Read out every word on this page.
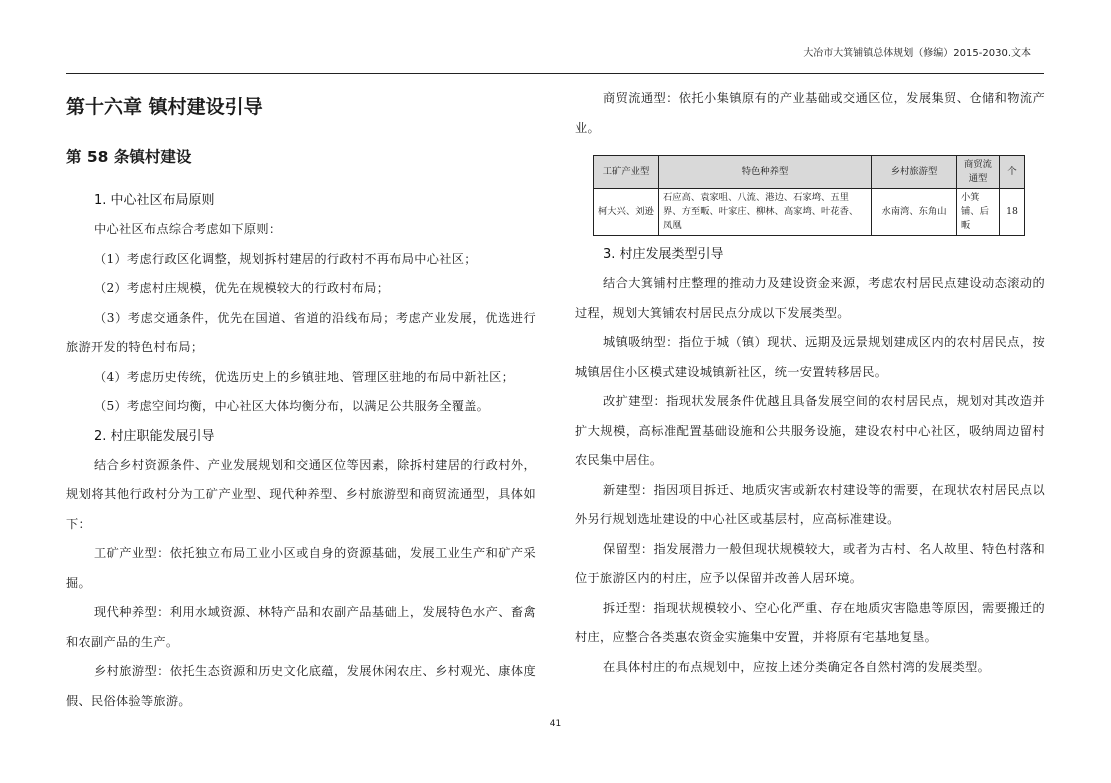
大冶市大箕铺镇总体规划（修编）2015-2030.文本
第十六章 镇村建设引导
第 58 条镇村建设
1. 中心社区布局原则

中心社区布点综合考虑如下原则：

（1）考虑行政区化调整，规划拆村建居的行政村不再布局中心社区；

（2）考虑村庄规模，优先在规模较大的行政村布局；

（3）考虑交通条件，优先在国道、省道的沿线布局；考虑产业发展，优选进行旅游开发的特色村布局；

（4）考虑历史传统，优选历史上的乡镇驻地、管理区驻地的布局中新社区；

（5）考虑空间均衡，中心社区大体均衡分布，以满足公共服务全覆盖。

2. 村庄职能发展引导

结合乡村资源条件、产业发展规划和交通区位等因素，除拆村建居的行政村外，规划将其他行政村分为工矿产业型、现代种养型、乡村旅游型和商贸流通型，具体如下：

工矿产业型：依托独立布局工业小区或自身的资源基础，发展工业生产和矿产采掘。

现代种养型：利用水域资源、林特产品和农副产品基础上，发展特色水产、畜禽和农副产品的生产。

乡村旅游型：依托生态资源和历史文化底蕴，发展休闲农庄、乡村观光、康体度假、民俗体验等旅游。

商贸流通型：依托小集镇原有的产业基础或交通区位，发展集贸、仓储和物流产业。

工矿产业型	特色种养型	乡村旅游型	商贸流通型	个
柯大兴、刘逊	石应高、袁家咀、八流、港边、石家塆、五里界、方至畈、叶家庄、柳林、高家塆、叶花香、凤凰	水南湾、东角山	小箕铺、后畈	18
3. 村庄发展类型引导

结合大箕铺村庄整理的推动力及建设资金来源，考虑农村居民点建设动态滚动的过程，规划大箕铺农村居民点分成以下发展类型。

城镇吸纳型：指位于城（镇）现状、远期及远景规划建成区内的农村居民点，按城镇居住小区模式建设城镇新社区，统一安置转移居民。

改扩建型：指现状发展条件优越且具备发展空间的农村居民点，规划对其改造并扩大规模，高标准配置基础设施和公共服务设施，建设农村中心社区，吸纳周边留村农民集中居住。

新建型：指因项目拆迁、地质灾害或新农村建设等的需要，在现状农村居民点以外另行规划选址建设的中心社区或基层村，应高标准建设。

保留型：指发展潜力一般但现状规模较大，或者为古村、名人故里、特色村落和位于旅游区内的村庄，应予以保留并改善人居环境。

拆迁型：指现状规模较小、空心化严重、存在地质灾害隐患等原因，需要搬迁的村庄，应整合各类惠农资金实施集中安置，并将原有宅基地复垦。

在具体村庄的布点规划中，应按上述分类确定各自然村湾的发展类型。

41
